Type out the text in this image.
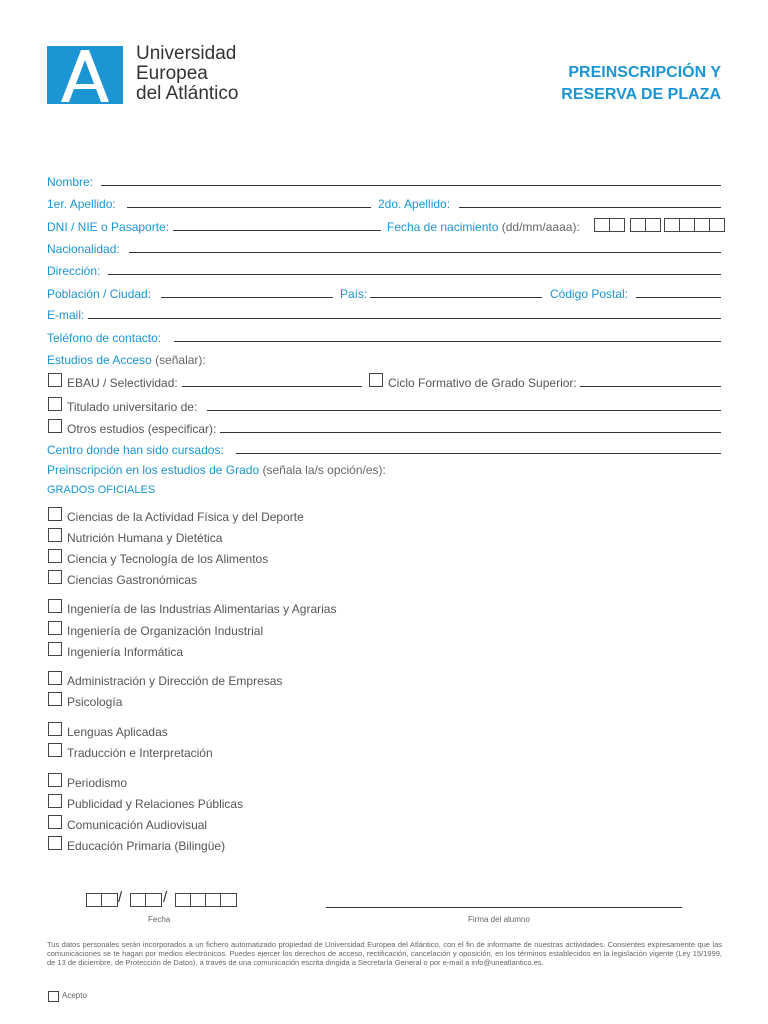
Universidad
Europea
del Atlántico
PREINSCRIPCIÓN Y
RESERVA DE PLAZA
Nombre:
1er. Apellido:	2do. Apellido:
DNI / NIE o Pasaporte:	Fecha de nacimiento (dd/mm/aaaa):
Nacionalidad:
Dirección:
Población / Ciudad:	País:	Código Postal:
E-mail:
Teléfono de contacto:
Estudios de Acceso (señalar):
EBAU / Selectividad:	Ciclo Formativo de Grado Superior:
Titulado universitario de:
Otros estudios (especificar):
Centro donde han sido cursados:
Preinscripción en los estudios de Grado (señala la/s opción/es):
GRADOS OFICIALES
Ciencias de la Actividad Física y del Deporte
Nutrición Humana y Dietética
Ciencia y Tecnología de los Alimentos
Ciencias Gastronómicas
Ingeniería de las Industrias Alimentarias y Agrarias
Ingeniería de Organización Industrial
Ingeniería Informática
Administración y Dirección de Empresas
Psicología
Lenguas Aplicadas
Traducción e Interpretación
Periodismo
Publicidad y Relaciones Públicas
Comunicación Audiovisual
Educación Primaria (Bilingüe)
/	/
Fecha	Firma del alumno
Tus datos personales serán incorporados a un fichero automatizado propiedad de Universidad Europea del Atlántico, con el fin de informarte de nuestras actividades. Consientes expresamente que las comunicaciones se te hagan por medios electrónicos. Puedes ejercer los derechos de acceso, rectificación, cancelación y oposición, en los términos establecidos en la legislación vigente (Ley 15/1999, de 13 de diciembre, de Protección de Datos), a través de una comunicación escrita dirigida a Secretaría General o por e-mail a info@uneatlantico.es.
Acepto
